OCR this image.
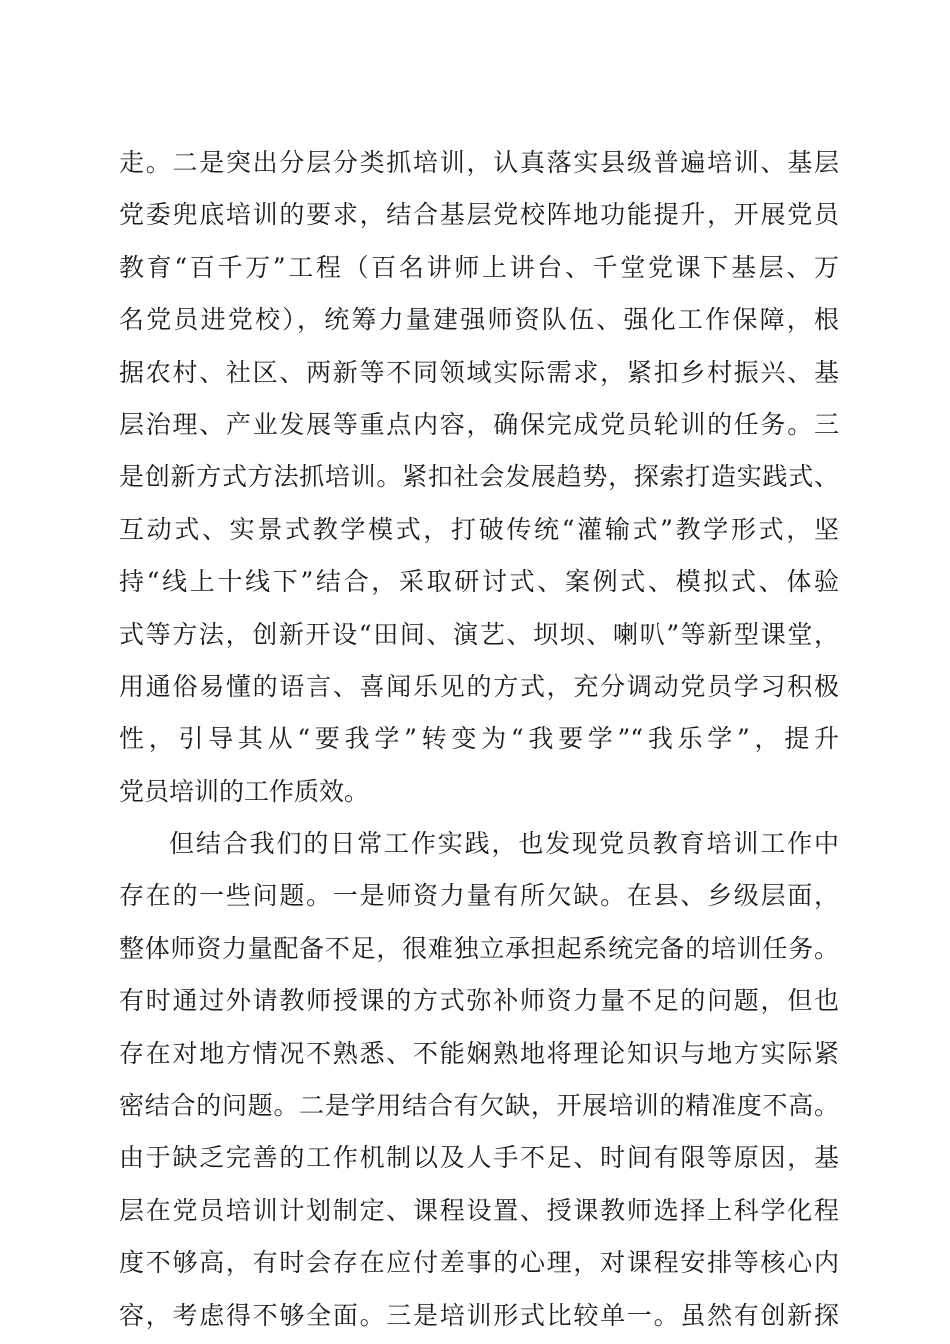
走。二是突出分层分类抓培训，认真落实县级普遍培训、基层
党委兜底培训的要求，结合基层党校阵地功能提升，开展党员
教育“百千万”工程（百名讲师上讲台、千堂党课下基层、万
名党员进党校），统筹力量建强师资队伍、强化工作保障，根
据农村、社区、两新等不同领域实际需求，紧扣乡村振兴、基
层治理、产业发展等重点内容，确保完成党员轮训的任务。三
是创新方式方法抓培训。紧扣社会发展趋势，探索打造实践式、
互动式、实景式教学模式，打破传统“灌输式”教学形式，坚
持“线上十线下”结合，采取研讨式、案例式、模拟式、体验
式等方法，创新开设“田间、演艺、坝坝、喇叭”等新型课堂，
用通俗易懂的语言、喜闻乐见的方式，充分调动党员学习积极
性，引导其从“要我学”转变为“我要学”“我乐学”，提升
党员培训的工作质效。
但结合我们的日常工作实践，也发现党员教育培训工作中
存在的一些问题。一是师资力量有所欠缺。在县、乡级层面，
整体师资力量配备不足，很难独立承担起系统完备的培训任务。
有时通过外请教师授课的方式弥补师资力量不足的问题，但也
存在对地方情况不熟悉、不能娴熟地将理论知识与地方实际紧
密结合的问题。二是学用结合有欠缺，开展培训的精准度不高。
由于缺乏完善的工作机制以及人手不足、时间有限等原因，基
层在党员培训计划制定、课程设置、授课教师选择上科学化程
度不够高，有时会存在应付差事的心理，对课程安排等核心内
容，考虑得不够全面。三是培训形式比较单一。虽然有创新探
